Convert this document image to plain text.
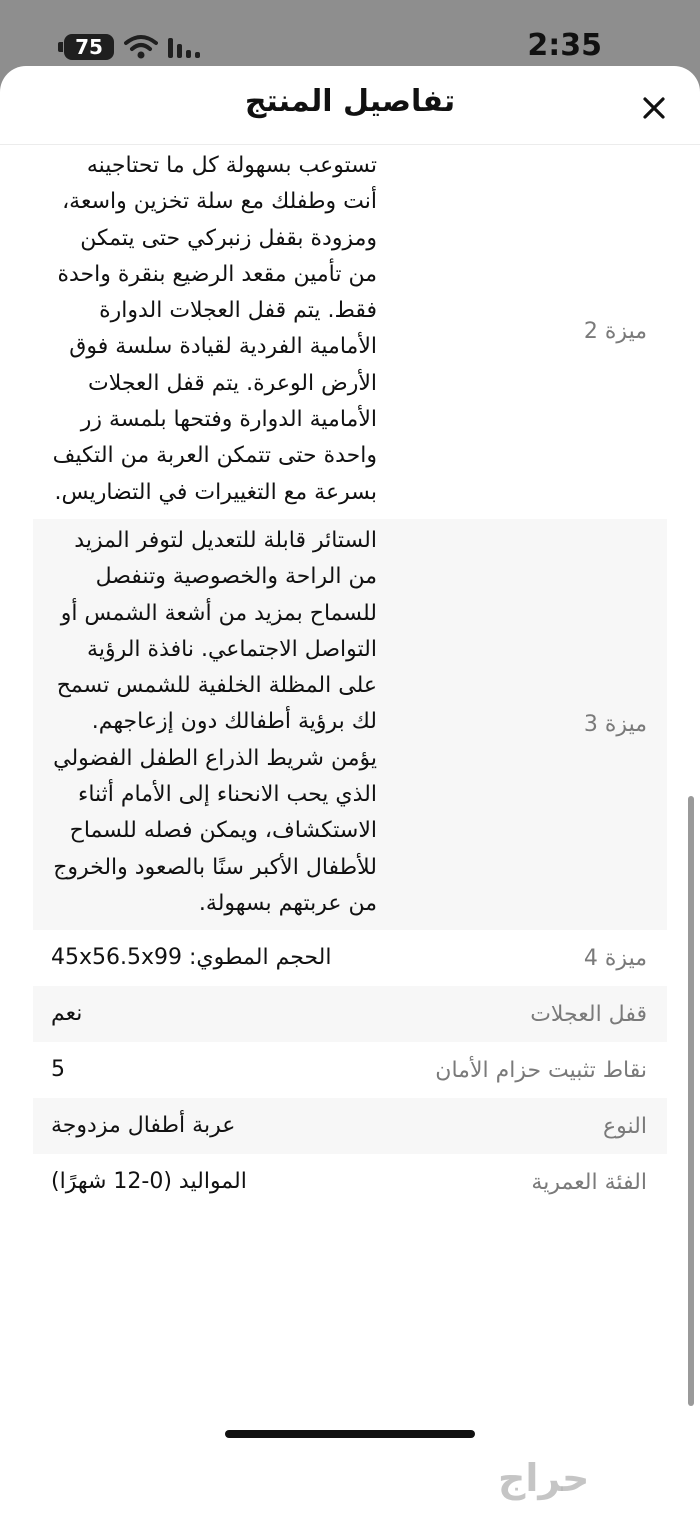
75	2:35
تفاصيل المنتج
ميزة 2
تستوعب بسهولة كل ما تحتاجينه أنت وطفلك مع سلة تخزين واسعة، ومزودة بقفل زنبركي حتى يتمكن من تأمين مقعد الرضيع بنقرة واحدة فقط. يتم قفل العجلات الدوارة الأمامية الفردية لقيادة سلسة فوق الأرض الوعرة. يتم قفل العجلات الأمامية الدوارة وفتحها بلمسة زر واحدة حتى تتمكن العربة من التكيف بسرعة مع التغييرات في التضاريس.
ميزة 3
الستائر قابلة للتعديل لتوفر المزيد من الراحة والخصوصية وتنفصل للسماح بمزيد من أشعة الشمس أو التواصل الاجتماعي. نافذة الرؤية على المظلة الخلفية للشمس تسمح لك برؤية أطفالك دون إزعاجهم. يؤمن شريط الذراع الطفل الفضولي الذي يحب الانحناء إلى الأمام أثناء الاستكشاف، ويمكن فصله للسماح للأطفال الأكبر سنًا بالصعود والخروج من عربتهم بسهولة.
ميزة 4
الحجم المطوي: 45x56.5x99
قفل العجلات
نعم
نقاط تثبيت حزام الأمان
5
النوع
عربة أطفال مزدوجة
الفئة العمرية
المواليد (0-12 شهرًا)
حراج
